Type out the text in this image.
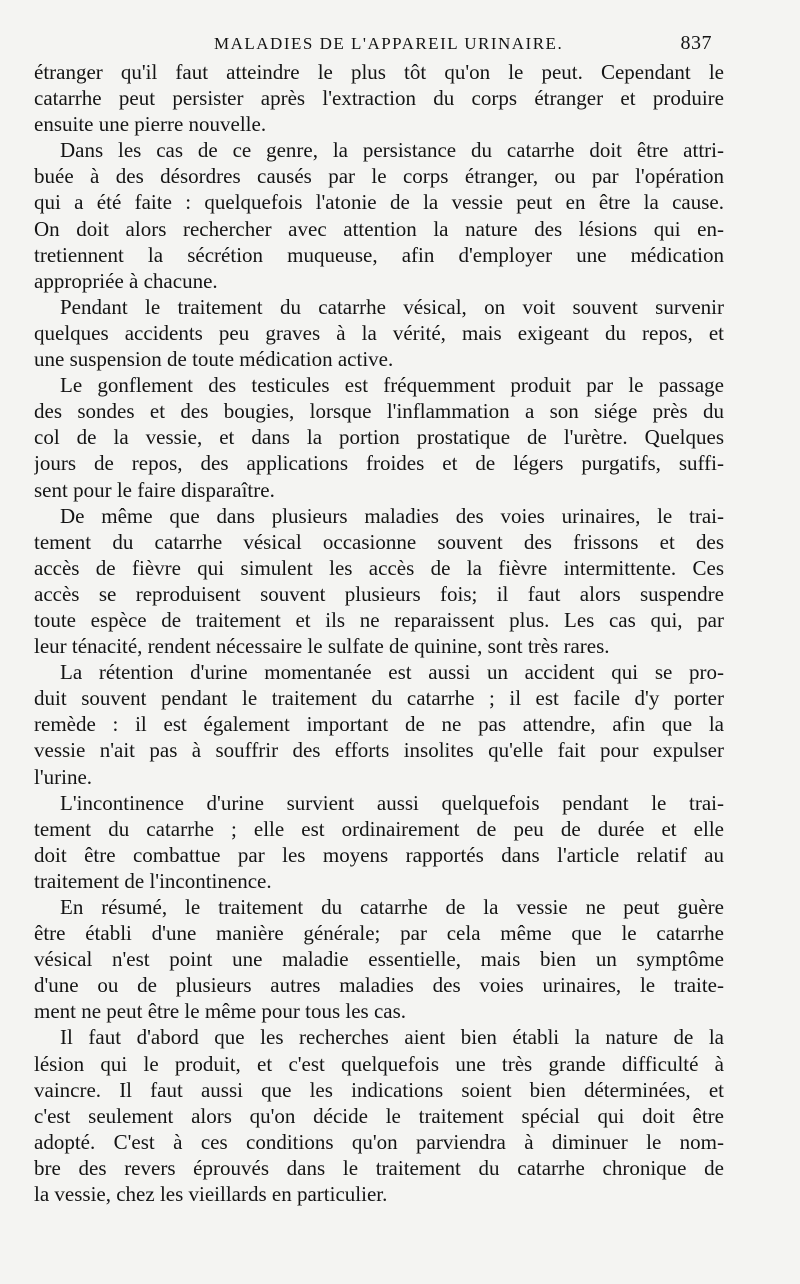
MALADIES DE L'APPAREIL URINAIRE.	837
étranger qu'il faut atteindre le plus tôt qu'on le peut. Cependant le
catarrhe peut persister après l'extraction du corps étranger et produire
ensuite une pierre nouvelle.
Dans les cas de ce genre, la persistance du catarrhe doit être attri-
buée à des désordres causés par le corps étranger, ou par l'opération
qui a été faite : quelquefois l'atonie de la vessie peut en être la cause.
On doit alors rechercher avec attention la nature des lésions qui en-
tretiennent la sécrétion muqueuse, afin d'employer une médication
appropriée à chacune.
Pendant le traitement du catarrhe vésical, on voit souvent survenir
quelques accidents peu graves à la vérité, mais exigeant du repos, et
une suspension de toute médication active.
Le gonflement des testicules est fréquemment produit par le passage
des sondes et des bougies, lorsque l'inflammation a son siége près du
col de la vessie, et dans la portion prostatique de l'urètre. Quelques
jours de repos, des applications froides et de légers purgatifs, suffi-
sent pour le faire disparaître.
De même que dans plusieurs maladies des voies urinaires, le trai-
tement du catarrhe vésical occasionne souvent des frissons et des
accès de fièvre qui simulent les accès de la fièvre intermittente. Ces
accès se reproduisent souvent plusieurs fois; il faut alors suspendre
toute espèce de traitement et ils ne reparaissent plus. Les cas qui, par
leur ténacité, rendent nécessaire le sulfate de quinine, sont très rares.
La rétention d'urine momentanée est aussi un accident qui se pro-
duit souvent pendant le traitement du catarrhe ; il est facile d'y porter
remède : il est également important de ne pas attendre, afin que la
vessie n'ait pas à souffrir des efforts insolites qu'elle fait pour expulser
l'urine.
L'incontinence d'urine survient aussi quelquefois pendant le trai-
tement du catarrhe ; elle est ordinairement de peu de durée et elle
doit être combattue par les moyens rapportés dans l'article relatif au
traitement de l'incontinence.
En résumé, le traitement du catarrhe de la vessie ne peut guère
être établi d'une manière générale; par cela même que le catarrhe
vésical n'est point une maladie essentielle, mais bien un symptôme
d'une ou de plusieurs autres maladies des voies urinaires, le traite-
ment ne peut être le même pour tous les cas.
Il faut d'abord que les recherches aient bien établi la nature de la
lésion qui le produit, et c'est quelquefois une très grande difficulté à
vaincre. Il faut aussi que les indications soient bien déterminées, et
c'est seulement alors qu'on décide le traitement spécial qui doit être
adopté. C'est à ces conditions qu'on parviendra à diminuer le nom-
bre des revers éprouvés dans le traitement du catarrhe chronique de
la vessie, chez les vieillards en particulier.
